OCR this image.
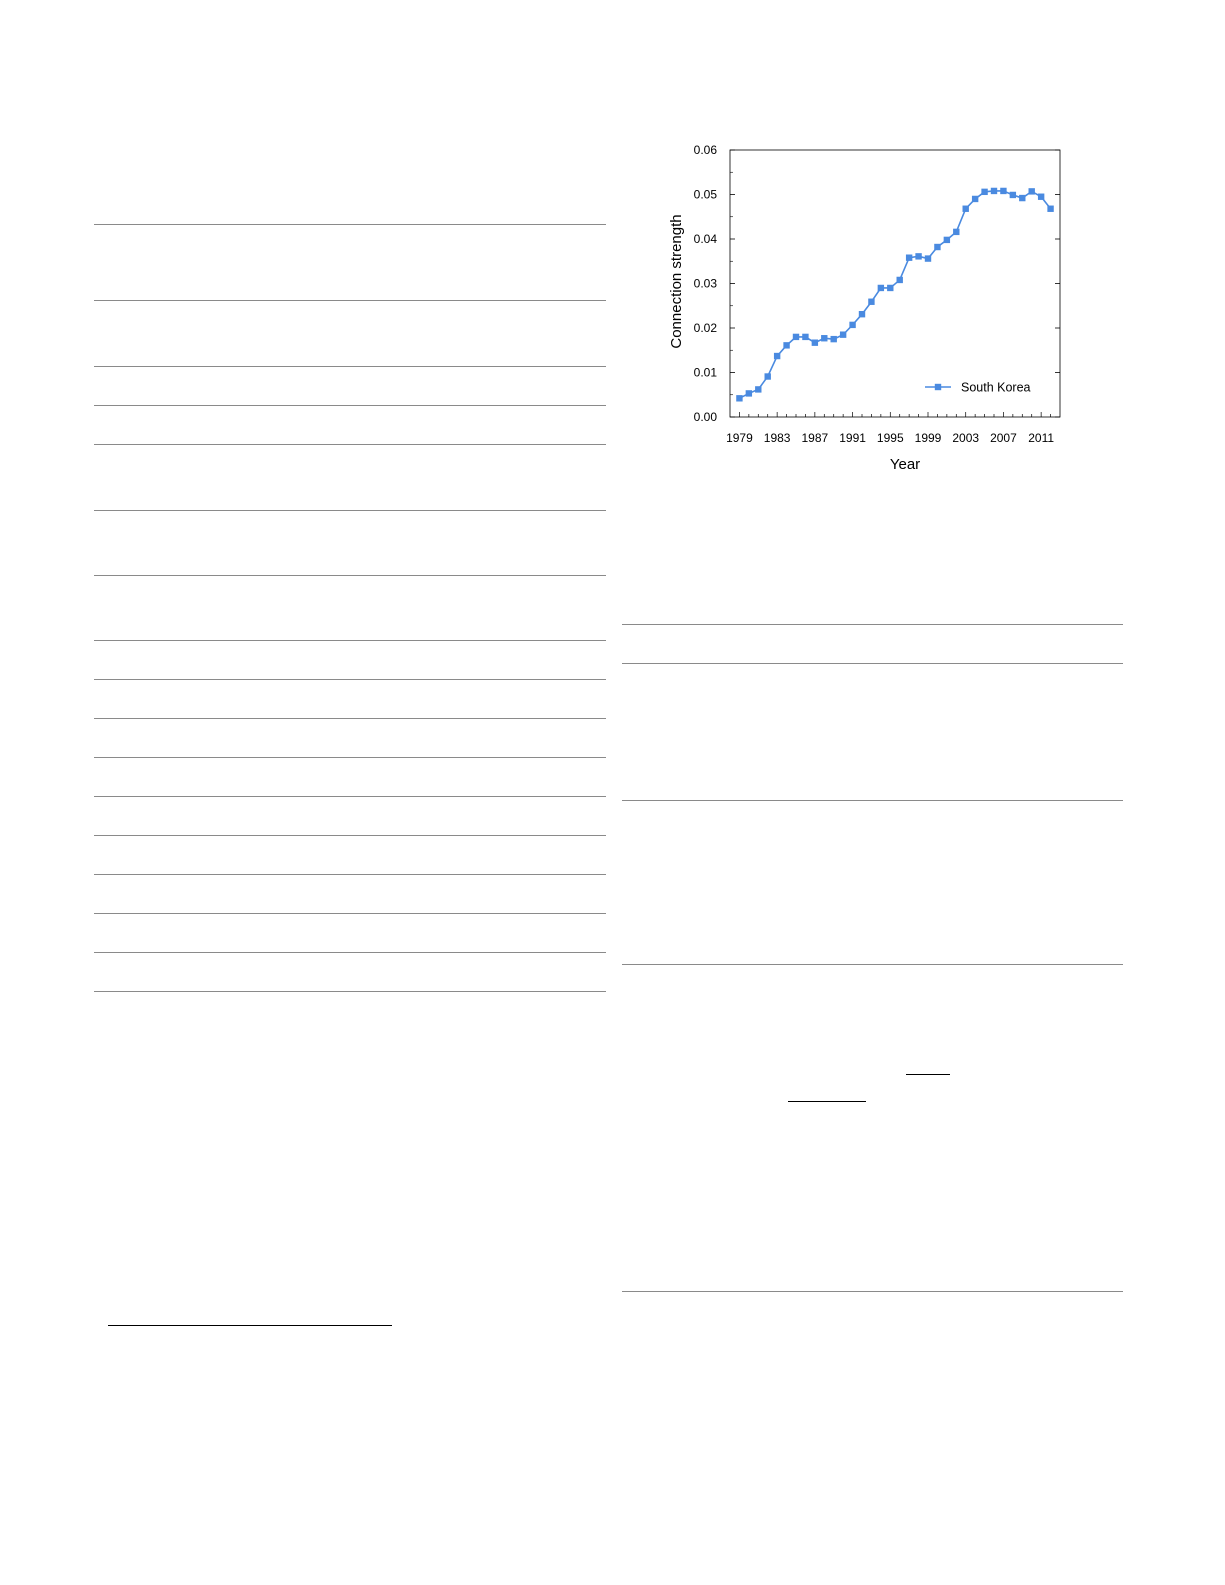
0.00
0.01
0.02
0.03
0.04
0.05
0.06
1979 1983 1987 1991 1995 1999 2003 2007 2011
Year
Connection strength
South Korea
